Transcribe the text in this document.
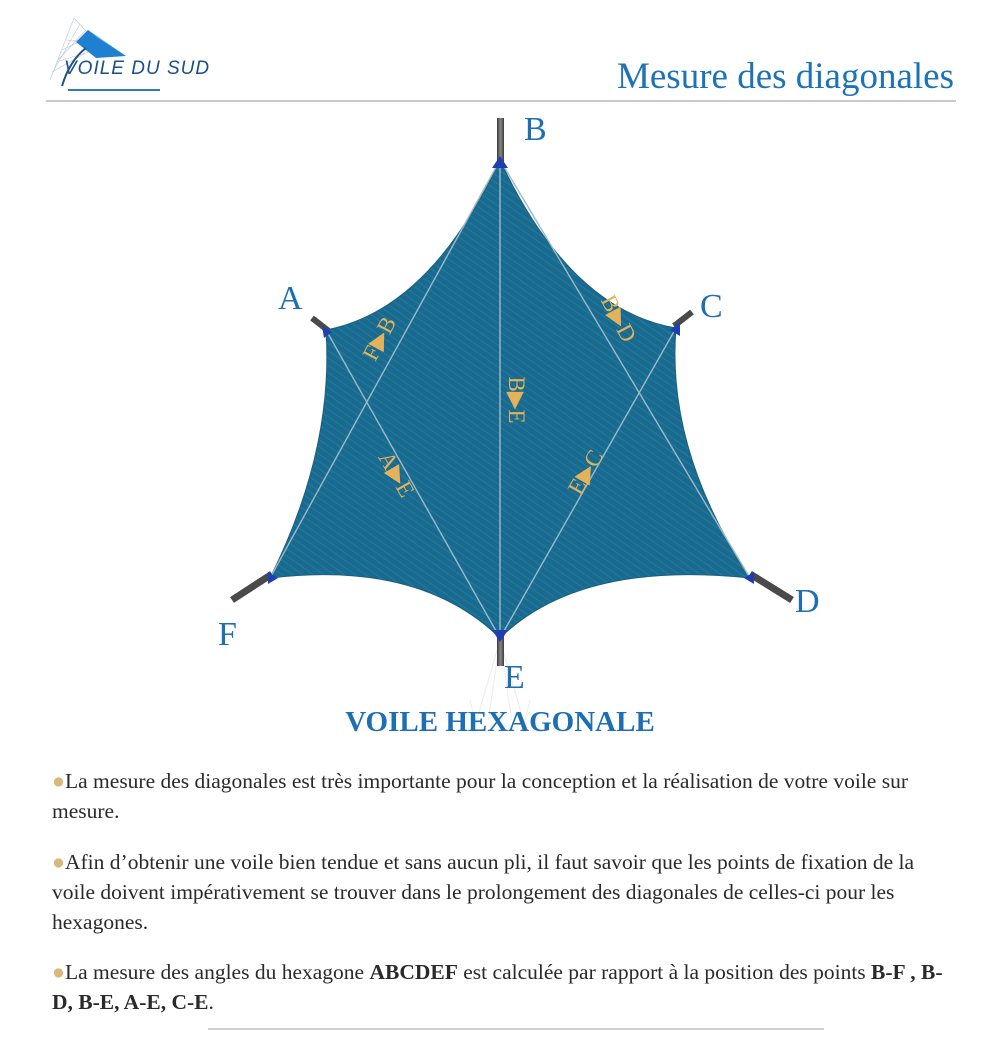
VOILE DU SUD	Mesure des diagonales
B
A	C
D
F
E
F▶B	B▶D
B▶E
A▶E	E▶C
VOILE HEXAGONALE

●La mesure des diagonales est très importante pour la conception et la réalisation de votre voile sur mesure.

●Afin d’obtenir une voile bien tendue et sans aucun pli, il faut savoir que les points de fixation de la voile doivent impérativement se trouver dans le prolongement des diagonales de celles-ci pour les hexagones.

●La mesure des angles du hexagone ABCDEF est calculée par rapport à la position des points B-F , B-D, B-E, A-E, C-E.
